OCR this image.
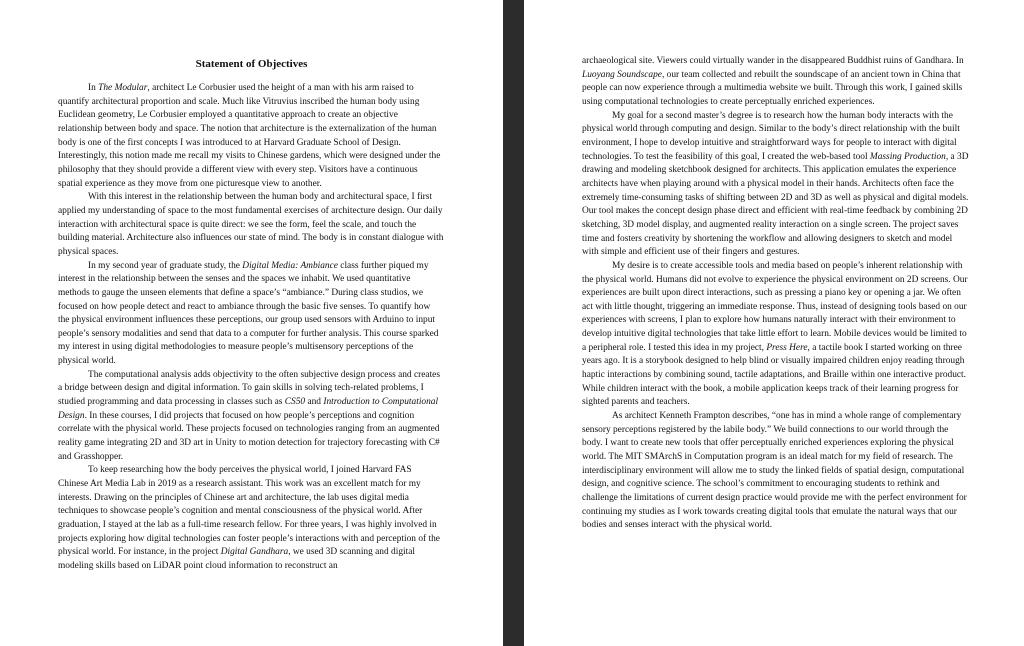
Statement of Objectives

In The Modular, architect Le Corbusier used the height of a man with his arm raised to quantify architectural proportion and scale. Much like Vitruvius inscribed the human body using Euclidean geometry, Le Corbusier employed a quantitative approach to create an objective relationship between body and space. The notion that architecture is the externalization of the human body is one of the first concepts I was introduced to at Harvard Graduate School of Design. Interestingly, this notion made me recall my visits to Chinese gardens, which were designed under the philosophy that they should provide a different view with every step. Visitors have a continuous spatial experience as they move from one picturesque view to another.

With this interest in the relationship between the human body and architectural space, I first applied my understanding of space to the most fundamental exercises of architecture design. Our daily interaction with architectural space is quite direct: we see the form, feel the scale, and touch the building material. Architecture also influences our state of mind. The body is in constant dialogue with physical spaces.

In my second year of graduate study, the Digital Media: Ambiance class further piqued my interest in the relationship between the senses and the spaces we inhabit. We used quantitative methods to gauge the unseen elements that define a space’s “ambiance.” During class studios, we focused on how people detect and react to ambiance through the basic five senses. To quantify how the physical environment influences these perceptions, our group used sensors with Arduino to input people’s sensory modalities and send that data to a computer for further analysis. This course sparked my interest in using digital methodologies to measure people’s multisensory perceptions of the physical world.

The computational analysis adds objectivity to the often subjective design process and creates a bridge between design and digital information. To gain skills in solving tech-related problems, I studied programming and data processing in classes such as CS50 and Introduction to Computational Design. In these courses, I did projects that focused on how people’s perceptions and cognition correlate with the physical world. These projects focused on technologies ranging from an augmented reality game integrating 2D and 3D art in Unity to motion detection for trajectory forecasting with C# and Grasshopper.

To keep researching how the body perceives the physical world, I joined Harvard FAS Chinese Art Media Lab in 2019 as a research assistant. This work was an excellent match for my interests. Drawing on the principles of Chinese art and architecture, the lab uses digital media techniques to showcase people’s cognition and mental consciousness of the physical world. After graduation, I stayed at the lab as a full-time research fellow. For three years, I was highly involved in projects exploring how digital technologies can foster people’s interactions with and perception of the physical world. For instance, in the project Digital Gandhara, we used 3D scanning and digital modeling skills based on LiDAR point cloud information to reconstruct an

archaeological site. Viewers could virtually wander in the disappeared Buddhist ruins of Gandhara. In Luoyang Soundscape, our team collected and rebuilt the soundscape of an ancient town in China that people can now experience through a multimedia website we built. Through this work, I gained skills using computational technologies to create perceptually enriched experiences.

My goal for a second master’s degree is to research how the human body interacts with the physical world through computing and design. Similar to the body’s direct relationship with the built environment, I hope to develop intuitive and straightforward ways for people to interact with digital technologies. To test the feasibility of this goal, I created the web-based tool Massing Production, a 3D drawing and modeling sketchbook designed for architects. This application emulates the experience architects have when playing around with a physical model in their hands. Architects often face the extremely time-consuming tasks of shifting between 2D and 3D as well as physical and digital models. Our tool makes the concept design phase direct and efficient with real-time feedback by combining 2D sketching, 3D model display, and augmented reality interaction on a single screen. The project saves time and fosters creativity by shortening the workflow and allowing designers to sketch and model with simple and efficient use of their fingers and gestures.

My desire is to create accessible tools and media based on people’s inherent relationship with the physical world. Humans did not evolve to experience the physical environment on 2D screens. Our experiences are built upon direct interactions, such as pressing a piano key or opening a jar. We often act with little thought, triggering an immediate response. Thus, instead of designing tools based on our experiences with screens, I plan to explore how humans naturally interact with their environment to develop intuitive digital technologies that take little effort to learn. Mobile devices would be limited to a peripheral role. I tested this idea in my project, Press Here, a tactile book I started working on three years ago. It is a storybook designed to help blind or visually impaired children enjoy reading through haptic interactions by combining sound, tactile adaptations, and Braille within one interactive product. While children interact with the book, a mobile application keeps track of their learning progress for sighted parents and teachers.

As architect Kenneth Frampton describes, “one has in mind a whole range of complementary sensory perceptions registered by the labile body.” We build connections to our world through the body. I want to create new tools that offer perceptually enriched experiences exploring the physical world. The MIT SMArchS in Computation program is an ideal match for my field of research. The interdisciplinary environment will allow me to study the linked fields of spatial design, computational design, and cognitive science. The school’s commitment to encouraging students to rethink and challenge the limitations of current design practice would provide me with the perfect environment for continuing my studies as I work towards creating digital tools that emulate the natural ways that our bodies and senses interact with the physical world.
